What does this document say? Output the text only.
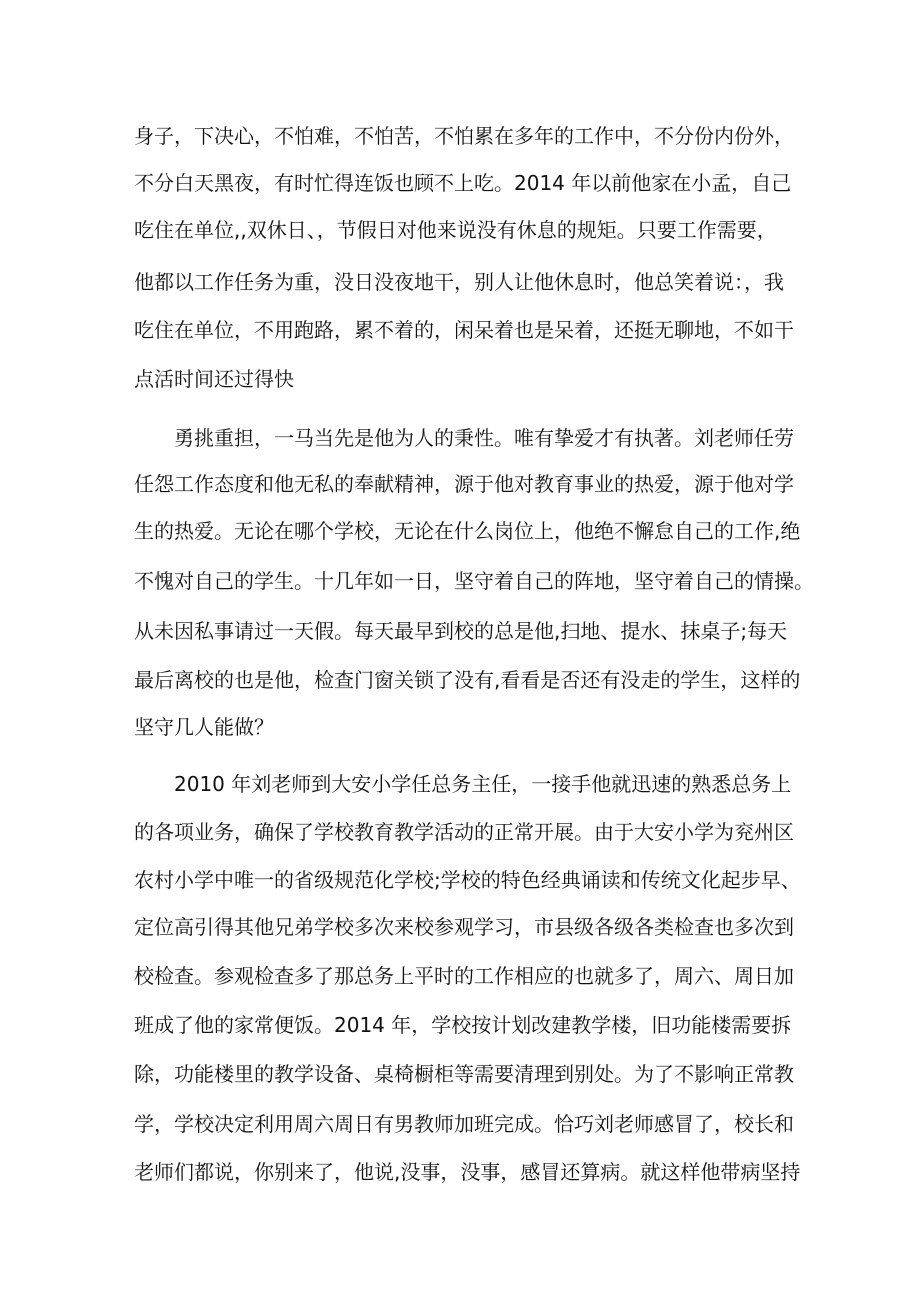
身子，下决心，不怕难，不怕苦，不怕累在多年的工作中，不分份内份外，
不分白天黑夜，有时忙得连饭也顾不上吃。2014 年以前他家在小孟，自己
吃住在单位,,双休日、，节假日对他来说没有休息的规矩。只要工作需要，
他都以工作任务为重，没日没夜地干，别人让他休息时，他总笑着说：，我
吃住在单位，不用跑路，累不着的，闲呆着也是呆着，还挺无聊地，不如干
点活时间还过得快
勇挑重担，一马当先是他为人的秉性。唯有挚爱才有执著。刘老师任劳
任怨工作态度和他无私的奉献精神，源于他对教育事业的热爱，源于他对学
生的热爱。无论在哪个学校，无论在什么岗位上，他绝不懈怠自己的工作,绝
不愧对自己的学生。十几年如一日，坚守着自己的阵地，坚守着自己的情操。
从未因私事请过一天假。每天最早到校的总是他,扫地、提水、抹桌子;每天
最后离校的也是他，检查门窗关锁了没有,看看是否还有没走的学生，这样的
坚守几人能做？
2010 年刘老师到大安小学任总务主任，一接手他就迅速的熟悉总务上
的各项业务，确保了学校教育教学活动的正常开展。由于大安小学为兖州区
农村小学中唯一的省级规范化学校;学校的特色经典诵读和传统文化起步早、
定位高引得其他兄弟学校多次来校参观学习，市县级各级各类检查也多次到
校检查。参观检查多了那总务上平时的工作相应的也就多了，周六、周日加
班成了他的家常便饭。2014 年，学校按计划改建教学楼，旧功能楼需要拆
除，功能楼里的教学设备、桌椅橱柜等需要清理到别处。为了不影响正常教
学，学校决定利用周六周日有男教师加班完成。恰巧刘老师感冒了，校长和
老师们都说，你别来了，他说,没事，没事，感冒还算病。就这样他带病坚持
